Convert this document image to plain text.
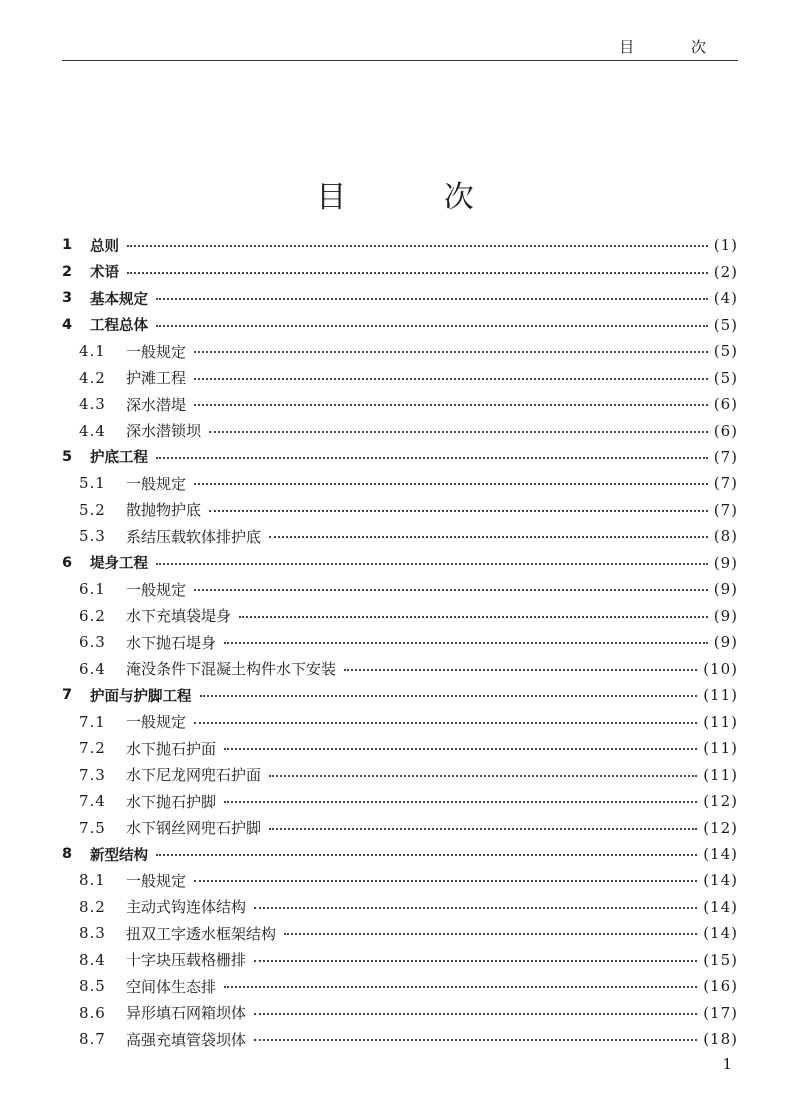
目 次
目 次
1	总则	(1)
2	术语	(2)
3	基本规定	(4)
4	工程总体	(5)
4.1	一般规定	(5)
4.2	护滩工程	(5)
4.3	深水潜堤	(6)
4.4	深水潜锁坝	(6)
5	护底工程	(7)
5.1	一般规定	(7)
5.2	散抛物护底	(7)
5.3	系结压载软体排护底	(8)
6	堤身工程	(9)
6.1	一般规定	(9)
6.2	水下充填袋堤身	(9)
6.3	水下抛石堤身	(9)
6.4	淹没条件下混凝土构件水下安装	(10)
7	护面与护脚工程	(11)
7.1	一般规定	(11)
7.2	水下抛石护面	(11)
7.3	水下尼龙网兜石护面	(11)
7.4	水下抛石护脚	(12)
7.5	水下钢丝网兜石护脚	(12)
8	新型结构	(14)
8.1	一般规定	(14)
8.2	主动式钩连体结构	(14)
8.3	扭双工字透水框架结构	(14)
8.4	十字块压载格栅排	(15)
8.5	空间体生态排	(16)
8.6	异形填石网箱坝体	(17)
8.7	高强充填管袋坝体	(18)
1
